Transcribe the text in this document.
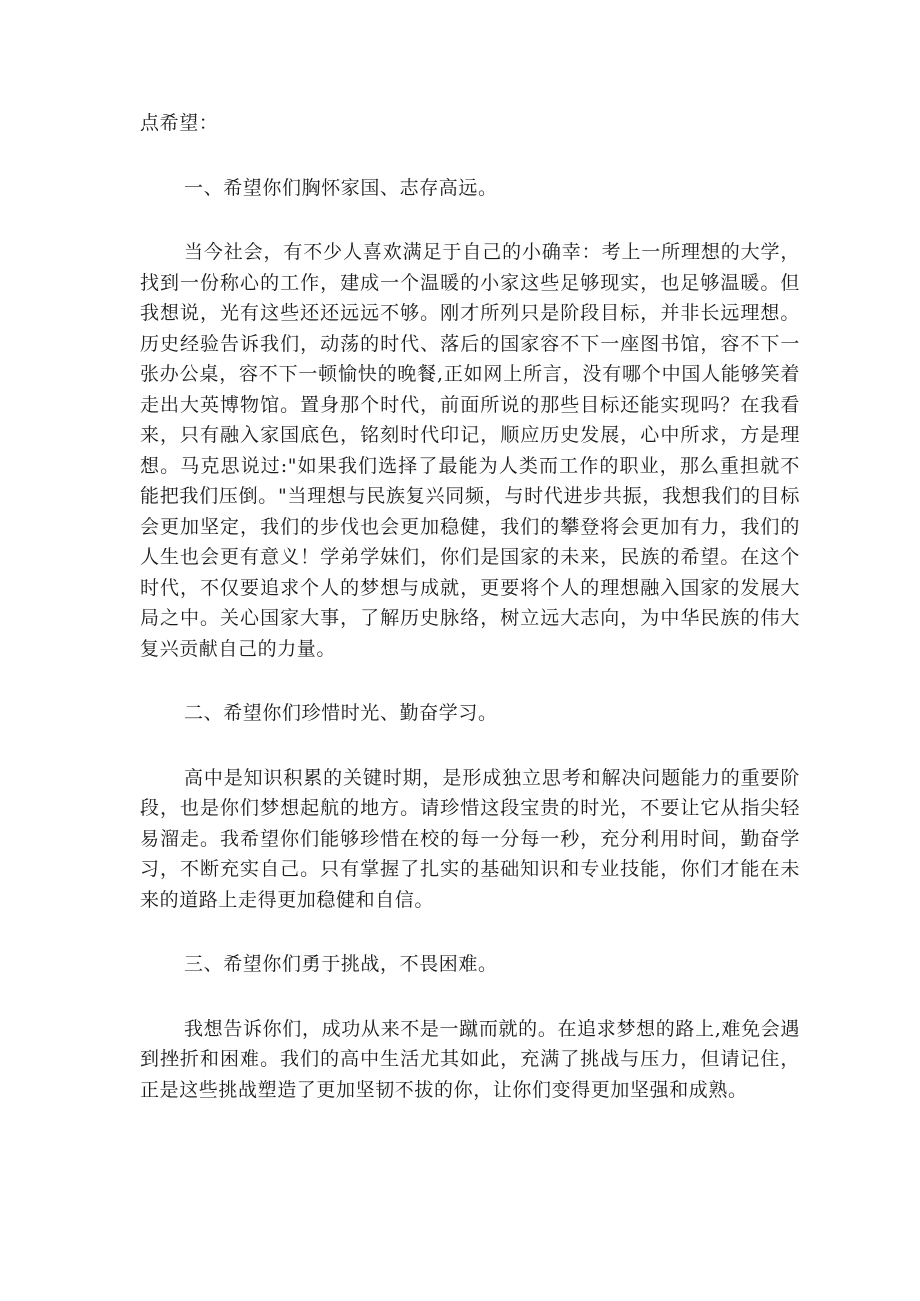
点希望：

一、希望你们胸怀家国、志存高远。

当今社会，有不少人喜欢满足于自己的小确幸：考上一所理想的大学，找到一份称心的工作，建成一个温暖的小家这些足够现实，也足够温暖。但我想说，光有这些还还远远不够。刚才所列只是阶段目标，并非长远理想。历史经验告诉我们，动荡的时代、落后的国家容不下一座图书馆，容不下一张办公桌，容不下一顿愉快的晚餐,正如网上所言，没有哪个中国人能够笑着走出大英博物馆。置身那个时代，前面所说的那些目标还能实现吗？在我看来，只有融入家国底色，铭刻时代印记，顺应历史发展，心中所求，方是理想。马克思说过:"如果我们选择了最能为人类而工作的职业，那么重担就不能把我们压倒。"当理想与民族复兴同频，与时代进步共振，我想我们的目标会更加坚定，我们的步伐也会更加稳健，我们的攀登将会更加有力，我们的人生也会更有意义！学弟学妹们，你们是国家的未来，民族的希望。在这个时代，不仅要追求个人的梦想与成就，更要将个人的理想融入国家的发展大局之中。关心国家大事，了解历史脉络，树立远大志向，为中华民族的伟大复兴贡献自己的力量。

二、希望你们珍惜时光、勤奋学习。

高中是知识积累的关键时期，是形成独立思考和解决问题能力的重要阶段，也是你们梦想起航的地方。请珍惜这段宝贵的时光，不要让它从指尖轻易溜走。我希望你们能够珍惜在校的每一分每一秒，充分利用时间，勤奋学习，不断充实自己。只有掌握了扎实的基础知识和专业技能，你们才能在未来的道路上走得更加稳健和自信。

三、希望你们勇于挑战，不畏困难。

我想告诉你们，成功从来不是一蹴而就的。在追求梦想的路上,难免会遇到挫折和困难。我们的高中生活尤其如此，充满了挑战与压力，但请记住，正是这些挑战塑造了更加坚韧不拔的你，让你们变得更加坚强和成熟。
